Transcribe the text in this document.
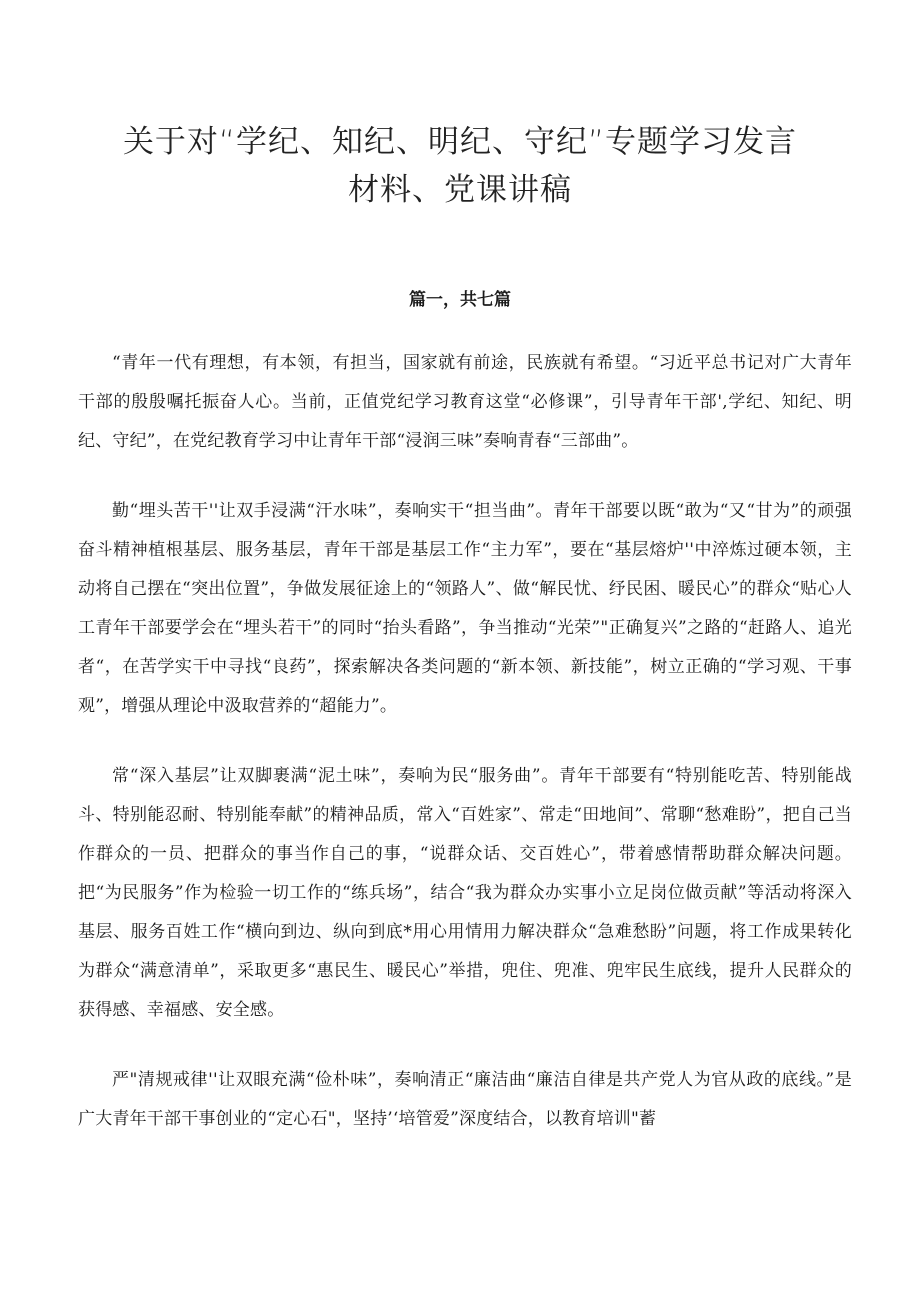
关于对“学纪、知纪、明纪、守纪”专题学习发言
材料、党课讲稿

篇一，共七篇

“青年一代有理想，有本领，有担当，国家就有前途，民族就有希望。“习近平总书记对广大青年干部的殷殷嘱托振奋人心。当前，正值党纪学习教育这堂“必修课”，引导青年干部',学纪、知纪、明纪、守纪”，在党纪教育学习中让青年干部“浸润三味”奏响青春“三部曲”。

勤“埋头苦干''让双手浸满“汗水味”，奏响实干“担当曲”。青年干部要以既“敢为“又“甘为”的顽强奋斗精神植根基层、服务基层，青年干部是基层工作“主力军”，要在“基层熔炉''中淬炼过硬本领，主动将自己摆在“突出位置”，争做发展征途上的“领路人”、做“解民忧、纾民困、暖民心”的群众“贴心人工青年干部要学会在“埋头若干”的同时“抬头看路”，争当推动“光荣”"正确复兴”之路的“赶路人、追光者“，在苦学实干中寻找“良药”，探索解决各类问题的“新本领、新技能”，树立正确的“学习观、干事观”，增强从理论中汲取营养的“超能力”。

常“深入基层”让双脚裹满“泥土味”，奏响为民“服务曲”。青年干部要有“特别能吃苦、特别能战斗、特别能忍耐、特别能奉献”的精神品质，常入“百姓家”、常走“田地间”、常聊“愁难盼”，把自己当作群众的一员、把群众的事当作自己的事，“说群众话、交百姓心”，带着感情帮助群众解决问题。把“为民服务”作为检验一切工作的“练兵场”，结合“我为群众办实事小立足岗位做贡献”等活动将深入基层、服务百姓工作“横向到边、纵向到底*用心用情用力解决群众“急难愁盼”问题，将工作成果转化为群众“满意清单”，采取更多“惠民生、暖民心”举措，兜住、兜准、兜牢民生底线，提升人民群众的获得感、幸福感、安全感。

严"清规戒律''让双眼充满“俭朴味”，奏响清正“廉洁曲“廉洁自律是共产党人为官从政的底线。”是广大青年干部干事创业的“定心石"，坚持’‘培管爱”深度结合，以教育培训"蓄
